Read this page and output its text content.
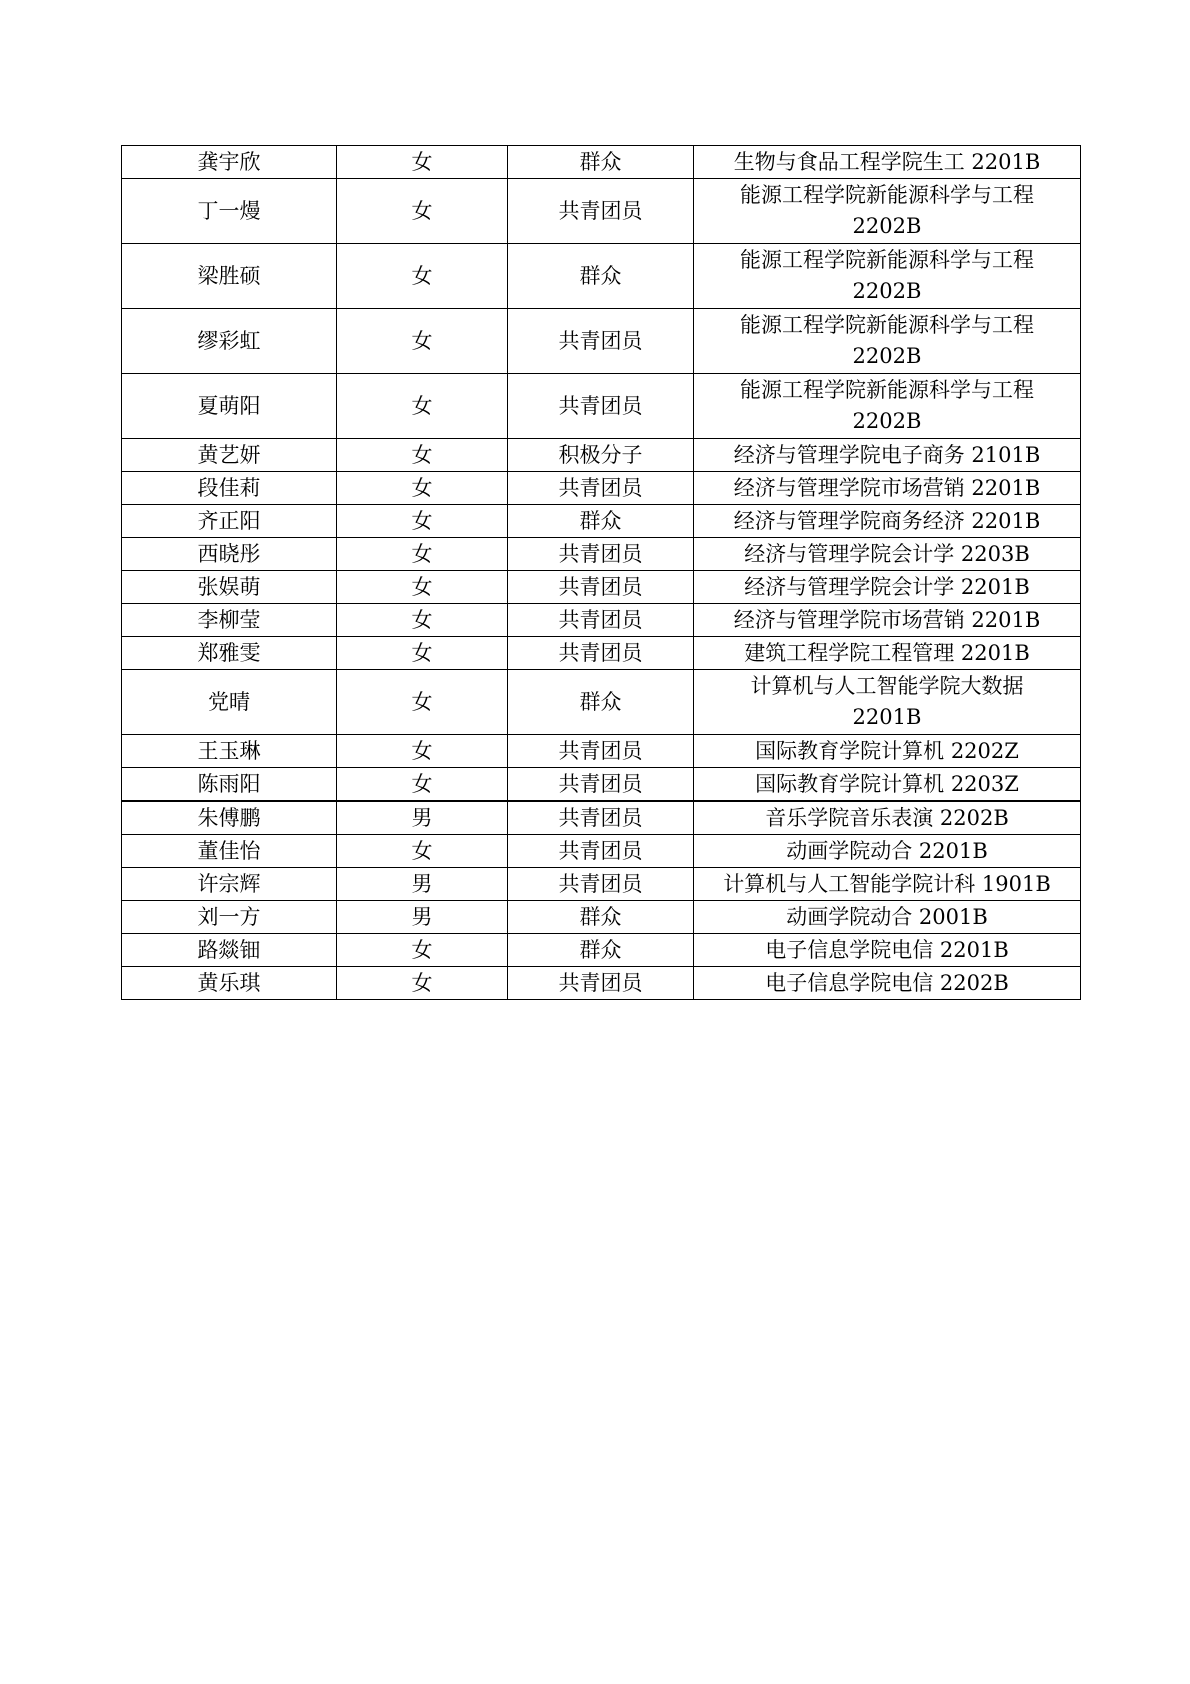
龚宇欣	女	群众	生物与食品工程学院生工 2201B
丁一熳	女	共青团员	能源工程学院新能源科学与工程 2202B
梁胜硕	女	群众	能源工程学院新能源科学与工程 2202B
缪彩虹	女	共青团员	能源工程学院新能源科学与工程 2202B
夏萌阳	女	共青团员	能源工程学院新能源科学与工程 2202B
黄艺妍	女	积极分子	经济与管理学院电子商务 2101B
段佳莉	女	共青团员	经济与管理学院市场营销 2201B
齐正阳	女	群众	经济与管理学院商务经济 2201B
西晓彤	女	共青团员	经济与管理学院会计学 2203B
张娱萌	女	共青团员	经济与管理学院会计学 2201B
李柳莹	女	共青团员	经济与管理学院市场营销 2201B
郑雅雯	女	共青团员	建筑工程学院工程管理 2201B
党晴	女	群众	计算机与人工智能学院大数据 2201B
王玉琳	女	共青团员	国际教育学院计算机 2202Z
陈雨阳	女	共青团员	国际教育学院计算机 2203Z
朱傅鹏	男	共青团员	音乐学院音乐表演 2202B
董佳怡	女	共青团员	动画学院动合 2201B
许宗辉	男	共青团员	计算机与人工智能学院计科 1901B
刘一方	男	群众	动画学院动合 2001B
路燚钿	女	群众	电子信息学院电信 2201B
黄乐琪	女	共青团员	电子信息学院电信 2202B
